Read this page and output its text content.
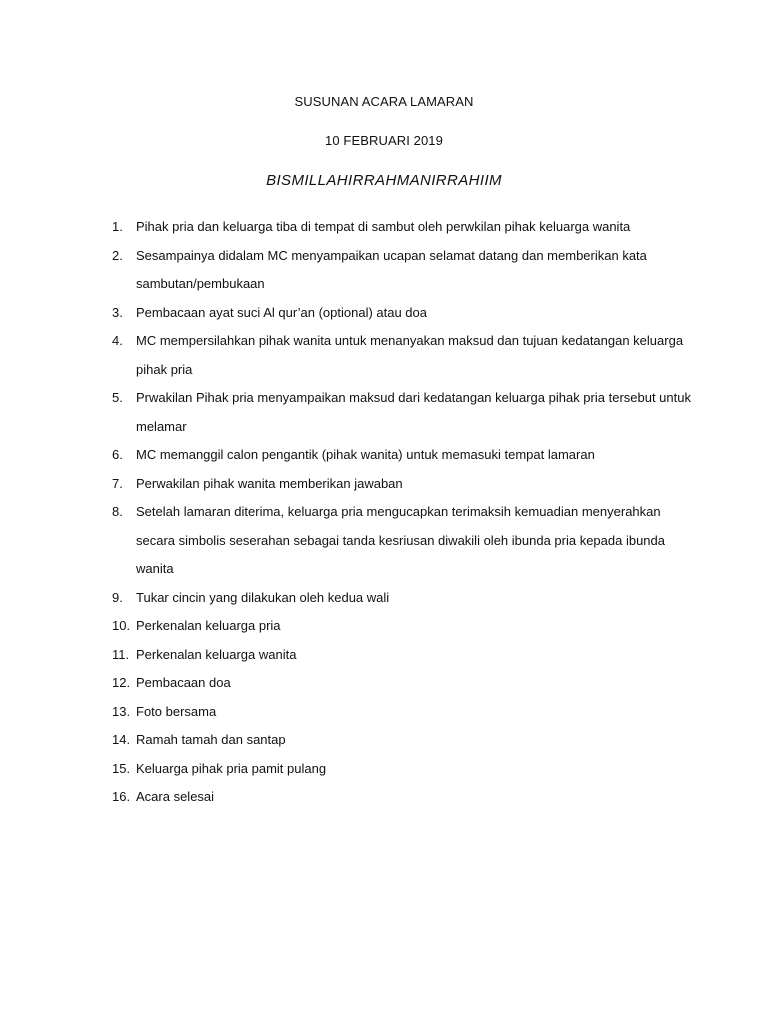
SUSUNAN ACARA LAMARAN
10 FEBRUARI 2019
BISMILLAHIRRAHMANIRRAHIIM
1.	Pihak pria dan keluarga tiba di tempat di sambut oleh perwkilan pihak keluarga wanita
2.	Sesampainya didalam MC menyampaikan ucapan selamat datang dan memberikan kata sambutan/pembukaan
3.	Pembacaan ayat suci Al qur’an (optional) atau doa
4.	MC mempersilahkan pihak wanita untuk menanyakan maksud dan tujuan kedatangan keluarga pihak pria
5.	Prwakilan Pihak pria menyampaikan maksud dari kedatangan keluarga pihak pria tersebut untuk melamar
6.	MC memanggil calon pengantik (pihak wanita) untuk memasuki tempat lamaran
7.	Perwakilan pihak wanita memberikan jawaban
8.	Setelah lamaran diterima, keluarga pria mengucapkan terimaksih kemuadian menyerahkan secara simbolis seserahan sebagai tanda kesriusan diwakili oleh ibunda pria kepada ibunda wanita
9.	Tukar cincin yang dilakukan oleh kedua wali
10. Perkenalan keluarga pria
11. Perkenalan keluarga wanita
12. Pembacaan doa
13. Foto bersama
14. Ramah tamah dan santap
15. Keluarga pihak pria pamit pulang
16. Acara selesai
